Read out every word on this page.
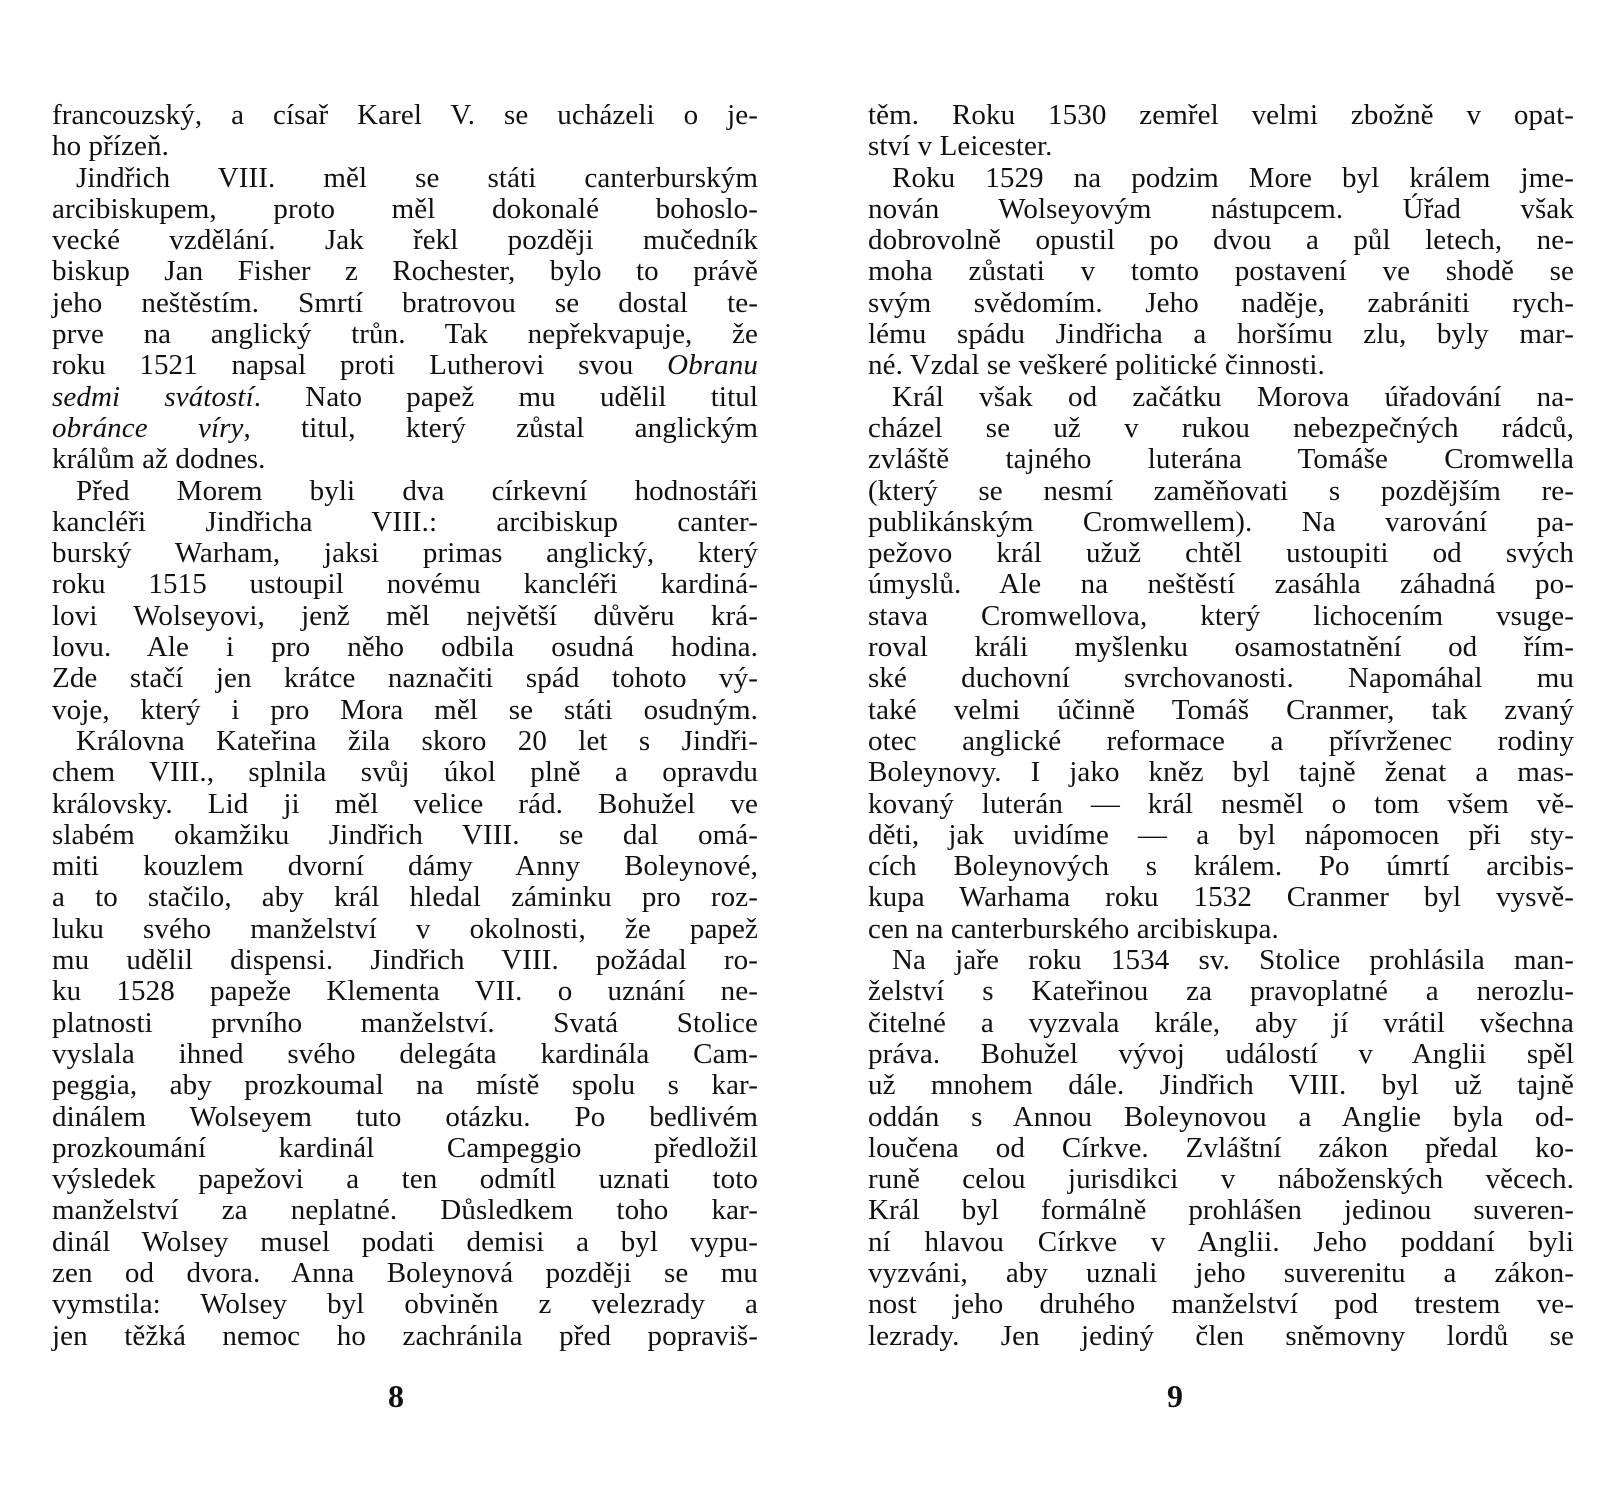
francouzský, a císař Karel V. se ucházeli o je-
ho přízeň.
Jindřich VIII. měl se státi canterburským
arcibiskupem, proto měl dokonalé bohoslo-
vecké vzdělání. Jak řekl později mučedník
biskup Jan Fisher z Rochester, bylo to právě
jeho neštěstím. Smrtí bratrovou se dostal te-
prve na anglický trůn. Tak nepřekvapuje, že
roku 1521 napsal proti Lutherovi svou Obranu
sedmi svátostí. Nato papež mu udělil titul
obránce víry, titul, který zůstal anglickým
králům až dodnes.
Před Morem byli dva církevní hodnostáři
kancléři Jindřicha VIII.: arcibiskup canter-
burský Warham, jaksi primas anglický, který
roku 1515 ustoupil novému kancléři kardiná-
lovi Wolseyovi, jenž měl největší důvěru krá-
lovu. Ale i pro něho odbila osudná hodina.
Zde stačí jen krátce naznačiti spád tohoto vý-
voje, který i pro Mora měl se státi osudným.
Královna Kateřina žila skoro 20 let s Jindři-
chem VIII., splnila svůj úkol plně a opravdu
královsky. Lid ji měl velice rád. Bohužel ve
slabém okamžiku Jindřich VIII. se dal omá-
miti kouzlem dvorní dámy Anny Boleynové,
a to stačilo, aby král hledal záminku pro roz-
luku svého manželství v okolnosti, že papež
mu udělil dispensi. Jindřich VIII. požádal ro-
ku 1528 papeže Klementa VII. o uznání ne-
platnosti prvního manželství. Svatá Stolice
vyslala ihned svého delegáta kardinála Cam-
peggia, aby prozkoumal na místě spolu s kar-
dinálem Wolseyem tuto otázku. Po bedlivém
prozkoumání kardinál Campeggio předložil
výsledek papežovi a ten odmítl uznati toto
manželství za neplatné. Důsledkem toho kar-
dinál Wolsey musel podati demisi a byl vypu-
zen od dvora. Anna Boleynová později se mu
vymstila: Wolsey byl obviněn z velezrady a
jen těžká nemoc ho zachránila před popraviš-
8
těm. Roku 1530 zemřel velmi zbožně v opat-
ství v Leicester.
Roku 1529 na podzim More byl králem jme-
nován Wolseyovým nástupcem. Úřad však
dobrovolně opustil po dvou a půl letech, ne-
moha zůstati v tomto postavení ve shodě se
svým svědomím. Jeho naděje, zabrániti rych-
lému spádu Jindřicha a horšímu zlu, byly mar-
né. Vzdal se veškeré politické činnosti.
Král však od začátku Morova úřadování na-
cházel se už v rukou nebezpečných rádců,
zvláště tajného luterána Tomáše Cromwella
(který se nesmí zaměňovati s pozdějším re-
publikánským Cromwellem). Na varování pa-
pežovo král užuž chtěl ustoupiti od svých
úmyslů. Ale na neštěstí zasáhla záhadná po-
stava Cromwellova, který lichocením vsuge-
roval králi myšlenku osamostatnění od řím-
ské duchovní svrchovanosti. Napomáhal mu
také velmi účinně Tomáš Cranmer, tak zvaný
otec anglické reformace a přívrženec rodiny
Boleynovy. I jako kněz byl tajně ženat a mas-
kovaný luterán — král nesměl o tom všem vě-
děti, jak uvidíme — a byl nápomocen při sty-
cích Boleynových s králem. Po úmrtí arcibis-
kupa Warhama roku 1532 Cranmer byl vysvě-
cen na canterburského arcibiskupa.
Na jaře roku 1534 sv. Stolice prohlásila man-
želství s Kateřinou za pravoplatné a nerozlu-
čitelné a vyzvala krále, aby jí vrátil všechna
práva. Bohužel vývoj událostí v Anglii spěl
už mnohem dále. Jindřich VIII. byl už tajně
oddán s Annou Boleynovou a Anglie byla od-
loučena od Církve. Zvláštní zákon předal ko-
runě celou jurisdikci v náboženských věcech.
Král byl formálně prohlášen jedinou suveren-
ní hlavou Církve v Anglii. Jeho poddaní byli
vyzváni, aby uznali jeho suverenitu a zákon-
nost jeho druhého manželství pod trestem ve-
lezrady. Jen jediný člen sněmovny lordů se
9
